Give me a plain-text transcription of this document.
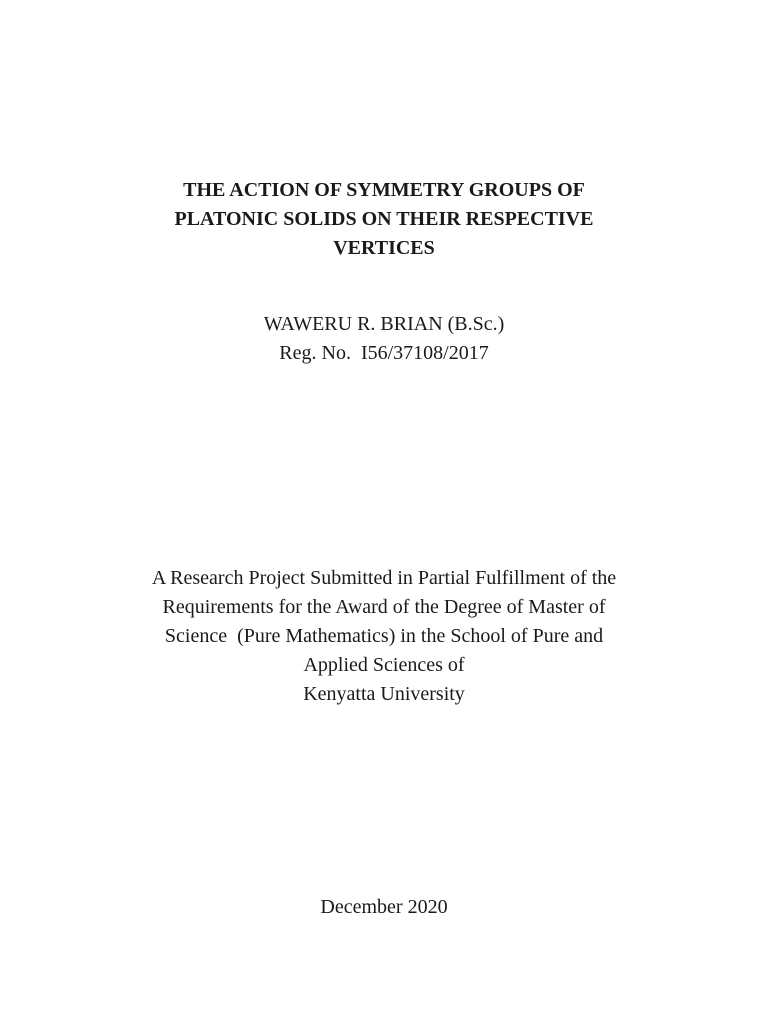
THE ACTION OF SYMMETRY GROUPS OF
PLATONIC SOLIDS ON THEIR RESPECTIVE
VERTICES
WAWERU R. BRIAN (B.Sc.)
Reg. No.  I56/37108/2017
A Research Project Submitted in Partial Fulfillment of the
Requirements for the Award of the Degree of Master of
Science  (Pure Mathematics) in the School of Pure and
Applied Sciences of
Kenyatta University
December 2020
